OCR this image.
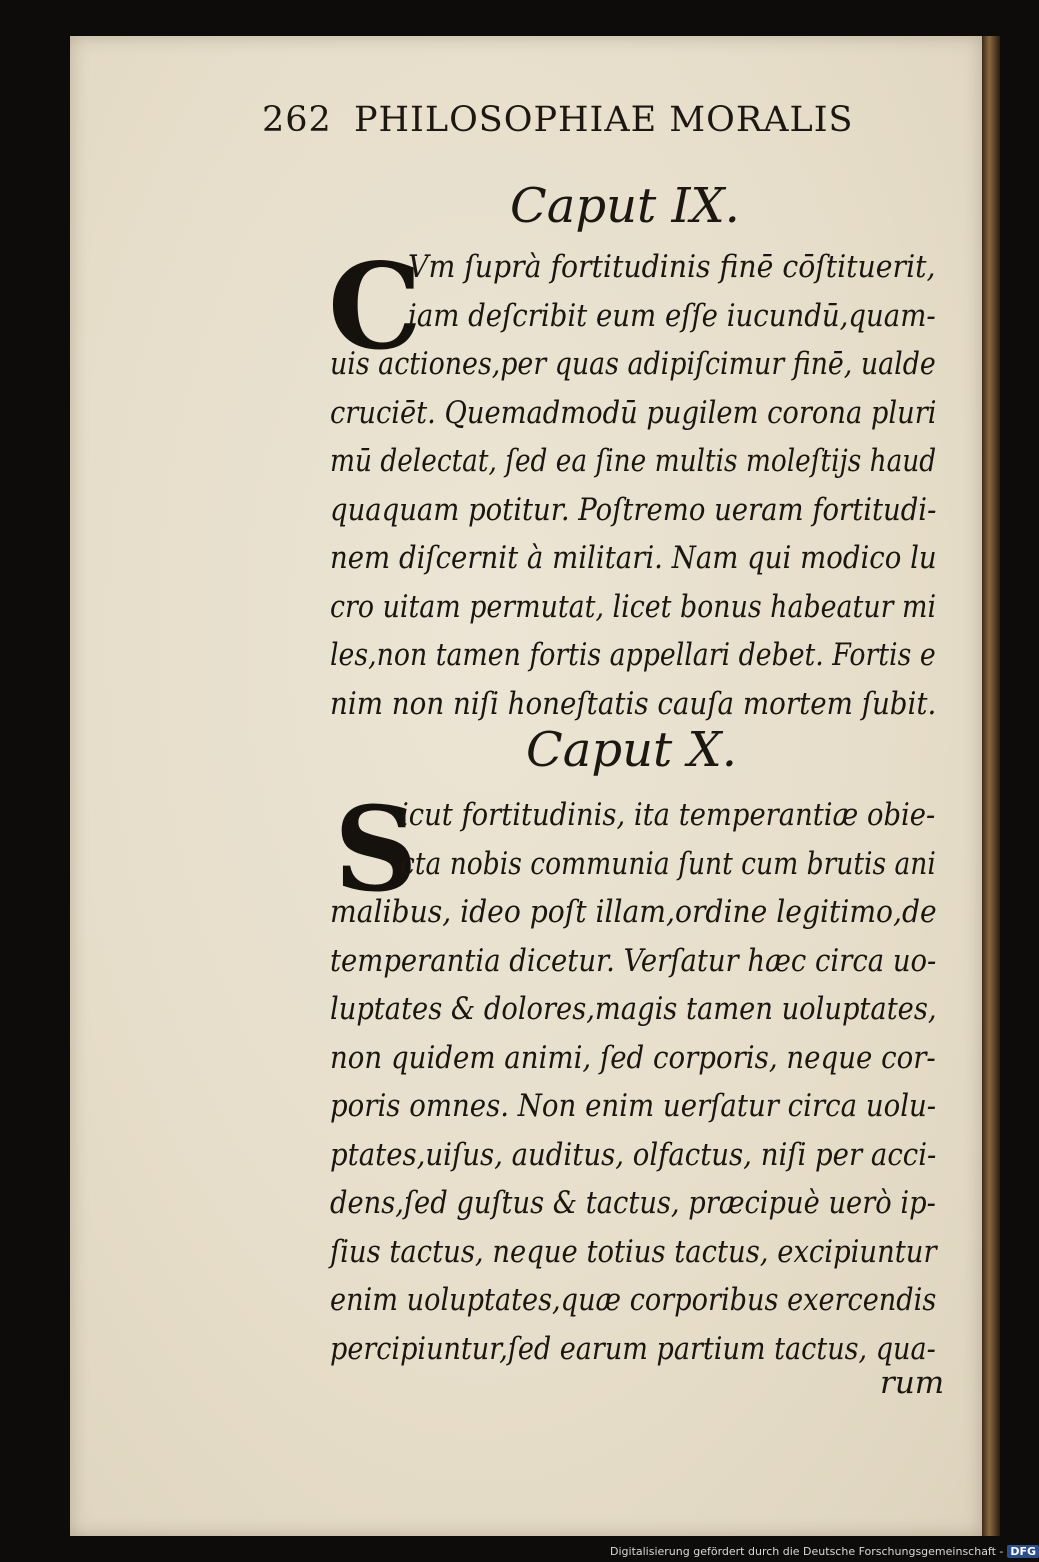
262 PHILOSOPHIAE MORALIS
Caput IX.
C
Vm ſuprà fortitudinis finē cōſtituerit,
iam deſcribit eum eſſe iucundū,quam-
uis actiones,per quas adipiſcimur finē, ualde
cruciēt. Quemadmodū pugilem corona pluri
mū delectat, ſed ea ſine multis moleſtijs haud
quaquam potitur. Poſtremo ueram fortitudi-
nem diſcernit à militari. Nam qui modico lu
cro uitam permutat, licet bonus habeatur mi
les,non tamen fortis appellari debet. Fortis e
nim non niſi honeſtatis cauſa mortem ſubit.
Caput X.
S
icut fortitudinis, ita temperantiæ obie-
cta nobis communia ſunt cum brutis ani
malibus, ideo poſt illam,ordine legitimo,de
temperantia dicetur. Verſatur hæc circa uo-
luptates & dolores,magis tamen uoluptates,
non quidem animi, ſed corporis, neque cor-
poris omnes. Non enim uerſatur circa uolu-
ptates,uiſus, auditus, olfactus, niſi per acci-
dens,ſed guſtus & tactus, præcipuè uerò ip-
ſius tactus, neque totius tactus, excipiuntur
enim uoluptates,quæ corporibus exercendis
percipiuntur,ſed earum partium tactus, qua-
rum
Digitalisierung gefördert durch die Deutsche Forschungsgemeinschaft - DFG
